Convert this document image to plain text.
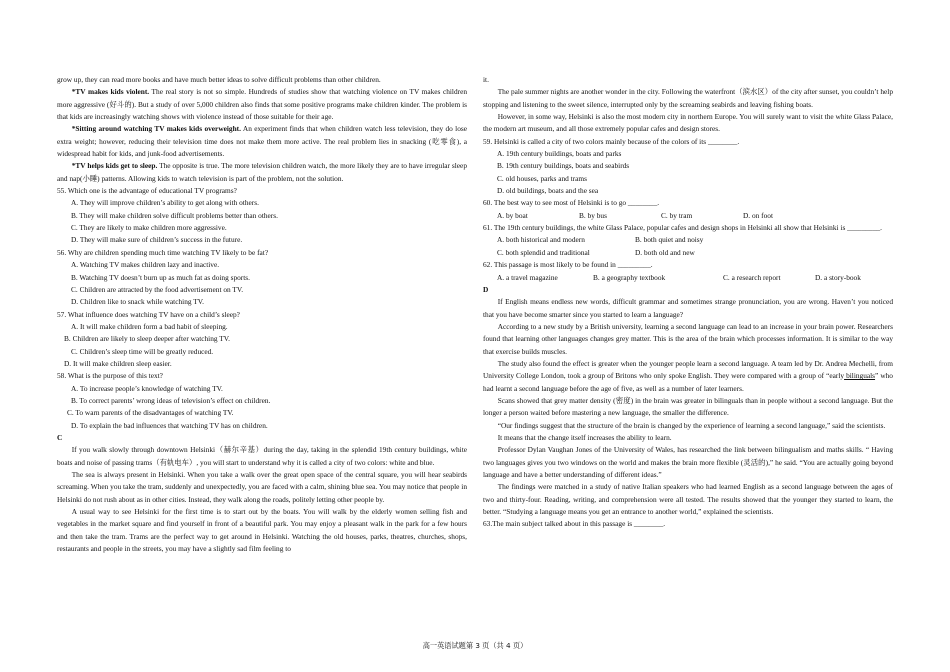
grow up, they can read more books and have much better ideas to solve difficult problems than other children.

*TV makes kids violent. The real story is not so simple. Hundreds of studies show that watching violence on TV makes children more aggressive (好斗的). But a study of over 5,000 children also finds that some positive programs make children kinder. The problem is that kids are increasingly watching shows with violence instead of those suitable for their age.

*Sitting around watching TV makes kids overweight. An experiment finds that when children watch less television, they do lose extra weight; however, reducing their television time does not make them more active. The real problem lies in snacking (吃零食), a widespread habit for kids, and junk-food advertisements.

*TV helps kids get to sleep. The opposite is true. The more television children watch, the more likely they are to have irregular sleep and nap(小睡) patterns. Allowing kids to watch television is part of the problem, not the solution.

55. Which one is the advantage of educational TV programs?

A. They will improve children’s ability to get along with others.

B. They will make children solve difficult problems better than others.

C. They are likely to make children more aggressive.

D. They will make sure of children’s success in the future.

56. Why are children spending much time watching TV likely to be fat?

A. Watching TV makes children lazy and inactive.

B. Watching TV doesn’t burn up as much fat as doing sports.

C. Children are attracted by the food advertisement on TV.

D. Children like to snack while watching TV.

57. What influence does watching TV have on a child’s sleep?

A. It will make children form a bad habit of sleeping.

B. Children are likely to sleep deeper after watching TV.

C. Children’s sleep time will be greatly reduced.

D. It will make children sleep easier.

58. What is the purpose of this text?

A. To increase people’s knowledge of watching TV.

B. To correct parents’ wrong ideas of television’s effect on children.

C. To warn parents of the disadvantages of watching TV.

D. To explain the bad influences that watching TV has on children.

C

If you walk slowly through downtown Helsinki（赫尔辛基）during the day, taking in the splendid 19th century buildings, white boats and noise of passing trams（有轨电车）, you will start to understand why it is called a city of two colors: white and blue.

The sea is always present in Helsinki. When you take a walk over the great open space of the central square, you will hear seabirds screaming. When you take the tram, suddenly and unexpectedly, you are faced with a calm, shining blue sea. You may notice that people in Helsinki do not rush about as in other cities. Instead, they walk along the roads, politely letting other people by.

A usual way to see Helsinki for the first time is to start out by the boats. You will walk by the elderly women selling fish and vegetables in the market square and find yourself in front of a beautiful park. You may enjoy a pleasant walk in the park for a few hours and then take the tram. Trams are the perfect way to get around in Helsinki. Watching the old houses, parks, theatres, churches, shops, restaurants and people in the streets, you may have a slightly sad film feeling to

it.

The pale summer nights are another wonder in the city. Following the waterfront（滨水区）of the city after sunset, you couldn’t help stopping and listening to the sweet silence, interrupted only by the screaming seabirds and leaving fishing boats.

However, in some way, Helsinki is also the most modern city in northern Europe. You will surely want to visit the white Glass Palace, the modern art museum, and all those extremely popular cafes and design stores.

59. Helsinki is called a city of two colors mainly because of the colors of its ________.

A. 19th century buildings, boats and parks

B. 19th century buildings, boats and seabirds

C. old houses, parks and trams

D. old buildings, boats and the sea

60. The best way to see most of Helsinki is to go ________.

A. by boat	B. by bus	C. by tram	D. on foot

61. The 19th century buildings, the white Glass Palace, popular cafes and design shops in Helsinki all show that Helsinki is _________.

A. both historical and modern	B. both quiet and noisy
C. both splendid and traditional	D. both old and new

62. This passage is most likely to be found in _________.

A. a travel magazine	B. a geography textbook	C. a research report	D. a story-book

D

If English means endless new words, difficult grammar and sometimes strange pronunciation, you are wrong. Haven’t you noticed that you have become smarter since you started to learn a language?

According to a new study by a British university, learning a second language can lead to an increase in your brain power. Researchers found that learning other languages changes grey matter. This is the area of the brain which processes information. It is similar to the way that exercise builds muscles.

The study also found the effect is greater when the younger people learn a second language. A team led by Dr. Andrea Mechelli, from University College London, took a group of Britons who only spoke English. They were compared with a group of “early bilinguals” who had learnt a second language before the age of five, as well as a number of later learners.

Scans showed that grey matter density (密度) in the brain was greater in bilinguals than in people without a second language. But the longer a person waited before mastering a new language, the smaller the difference.

“Our findings suggest that the structure of the brain is changed by the experience of learning a second language,” said the scientists.

It means that the change itself increases the ability to learn.

Professor Dylan Vaughan Jones of the University of Wales, has researched the link between bilingualism and maths skills. “ Having two languages gives you two windows on the world and makes the brain more flexible (灵活的),” he said. “You are actually going beyond language and have a better understanding of different ideas.”

The findings were matched in a study of native Italian speakers who had learned English as a second language between the ages of two and thirty-four. Reading, writing, and comprehension were all tested. The results showed that the younger they started to learn, the better. “Studying a language means you get an entrance to another world,” explained the scientists.

63.The main subject talked about in this passage is ________.

高一英语试题第 3 页（共 4 页）
